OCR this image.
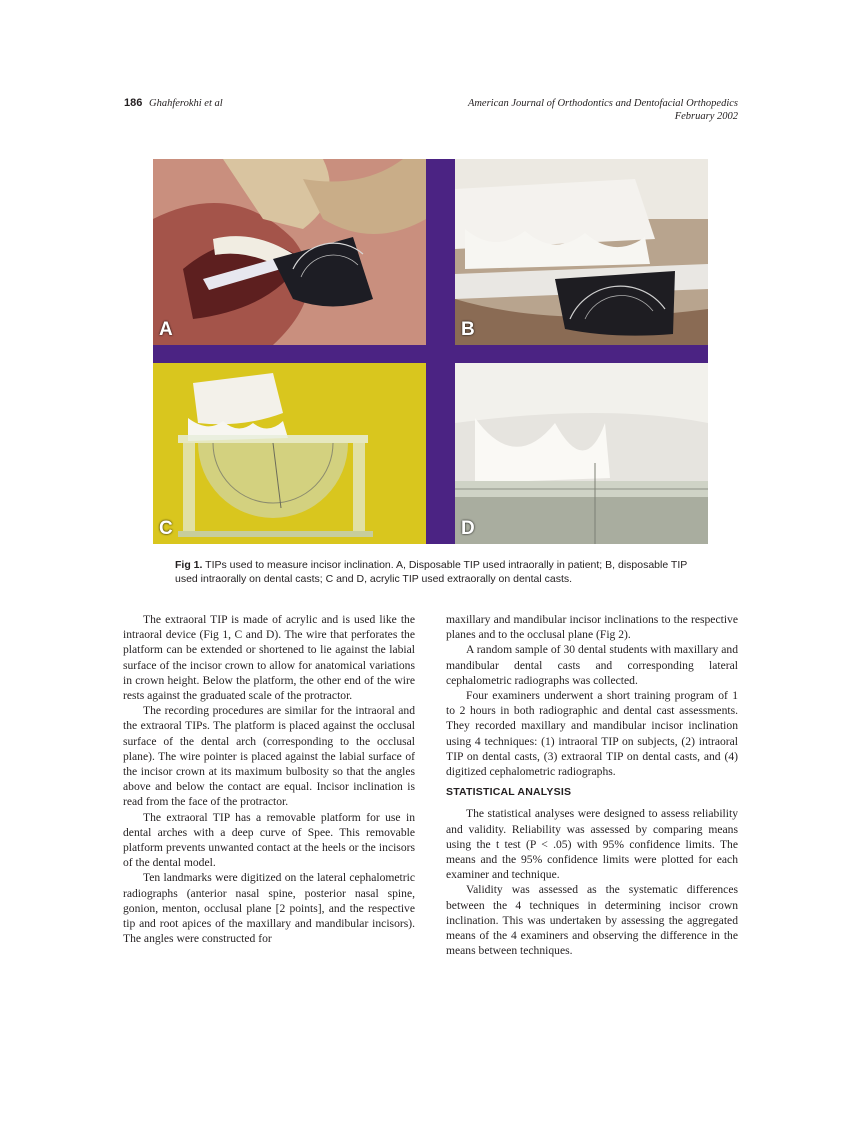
186 Ghahferokhi et al	American Journal of Orthodontics and Dentofacial Orthopedics
February 2002
A	B
C	D
Fig 1. TIPs used to measure incisor inclination. A, Disposable TIP used intraorally in patient; B, disposable TIP used intraorally on dental casts; C and D, acrylic TIP used extraorally on dental casts.

The extraoral TIP is made of acrylic and is used like the intraoral device (Fig 1, C and D). The wire that perforates the platform can be extended or shortened to lie against the labial surface of the incisor crown to allow for anatomical variations in crown height. Below the platform, the other end of the wire rests against the graduated scale of the protractor.

The recording procedures are similar for the intraoral and the extraoral TIPs. The platform is placed against the occlusal surface of the dental arch (corresponding to the occlusal plane). The wire pointer is placed against the labial surface of the incisor crown at its maximum bulbosity so that the angles above and below the contact are equal. Incisor inclination is read from the face of the protractor.

The extraoral TIP has a removable platform for use in dental arches with a deep curve of Spee. This removable platform prevents unwanted contact at the heels or the incisors of the dental model.

Ten landmarks were digitized on the lateral cephalometric radiographs (anterior nasal spine, posterior nasal spine, gonion, menton, occlusal plane [2 points], and the respective tip and root apices of the maxillary and mandibular incisors). The angles were constructed for

maxillary and mandibular incisor inclinations to the respective planes and to the occlusal plane (Fig 2).

A random sample of 30 dental students with maxillary and mandibular dental casts and corresponding lateral cephalometric radiographs was collected.

Four examiners underwent a short training program of 1 to 2 hours in both radiographic and dental cast assessments. They recorded maxillary and mandibular incisor inclination using 4 techniques: (1) intraoral TIP on subjects, (2) intraoral TIP on dental casts, (3) extraoral TIP on dental casts, and (4) digitized cephalometric radiographs.

STATISTICAL ANALYSIS

The statistical analyses were designed to assess reliability and validity. Reliability was assessed by comparing means using the t test (P < .05) with 95% confidence limits. The means and the 95% confidence limits were plotted for each examiner and technique.

Validity was assessed as the systematic differences between the 4 techniques in determining incisor crown inclination. This was undertaken by assessing the aggregated means of the 4 examiners and observing the difference in the means between techniques.
